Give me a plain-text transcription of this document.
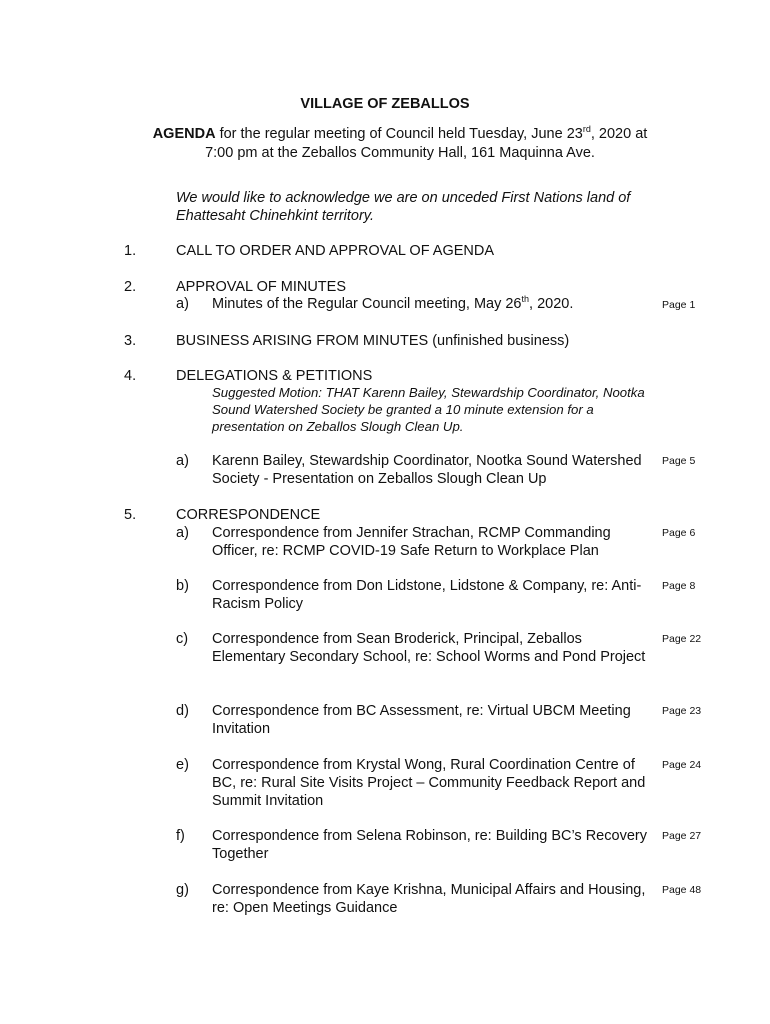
VILLAGE OF ZEBALLOS
AGENDA for the regular meeting of Council held Tuesday, June 23rd, 2020 at
7:00 pm at the Zeballos Community Hall, 161 Maquinna Ave.
We would like to acknowledge we are on unceded First Nations land of Ehattesaht Chinehkint territory.
1.	CALL TO ORDER AND APPROVAL OF AGENDA
2.	APPROVAL OF MINUTES
a) Minutes of the Regular Council meeting, May 26th, 2020.	Page 1
3.	BUSINESS ARISING FROM MINUTES (unfinished business)
4.	DELEGATIONS & PETITIONS
Suggested Motion: THAT Karenn Bailey, Stewardship Coordinator, Nootka Sound Watershed Society be granted a 10 minute extension for a presentation on Zeballos Slough Clean Up.
a) Karenn Bailey, Stewardship Coordinator, Nootka Sound Watershed Society - Presentation on Zeballos Slough Clean Up
Page 5
5.	CORRESPONDENCE
a) Correspondence from Jennifer Strachan, RCMP Commanding Officer, re: RCMP COVID-19 Safe Return to Workplace Plan
Page 6
b) Correspondence from Don Lidstone, Lidstone & Company, re: Anti-Racism Policy
Page 8
c) Correspondence from Sean Broderick, Principal, Zeballos Elementary Secondary School, re: School Worms and Pond Project
Page 22
d) Correspondence from BC Assessment, re: Virtual UBCM Meeting Invitation
Page 23
e) Correspondence from Krystal Wong, Rural Coordination Centre of BC, re: Rural Site Visits Project – Community Feedback Report and Summit Invitation
Page 24
f) Correspondence from Selena Robinson, re: Building BC’s Recovery Together
Page 27
g) Correspondence from Kaye Krishna, Municipal Affairs and Housing, re: Open Meetings Guidance
Page 48
